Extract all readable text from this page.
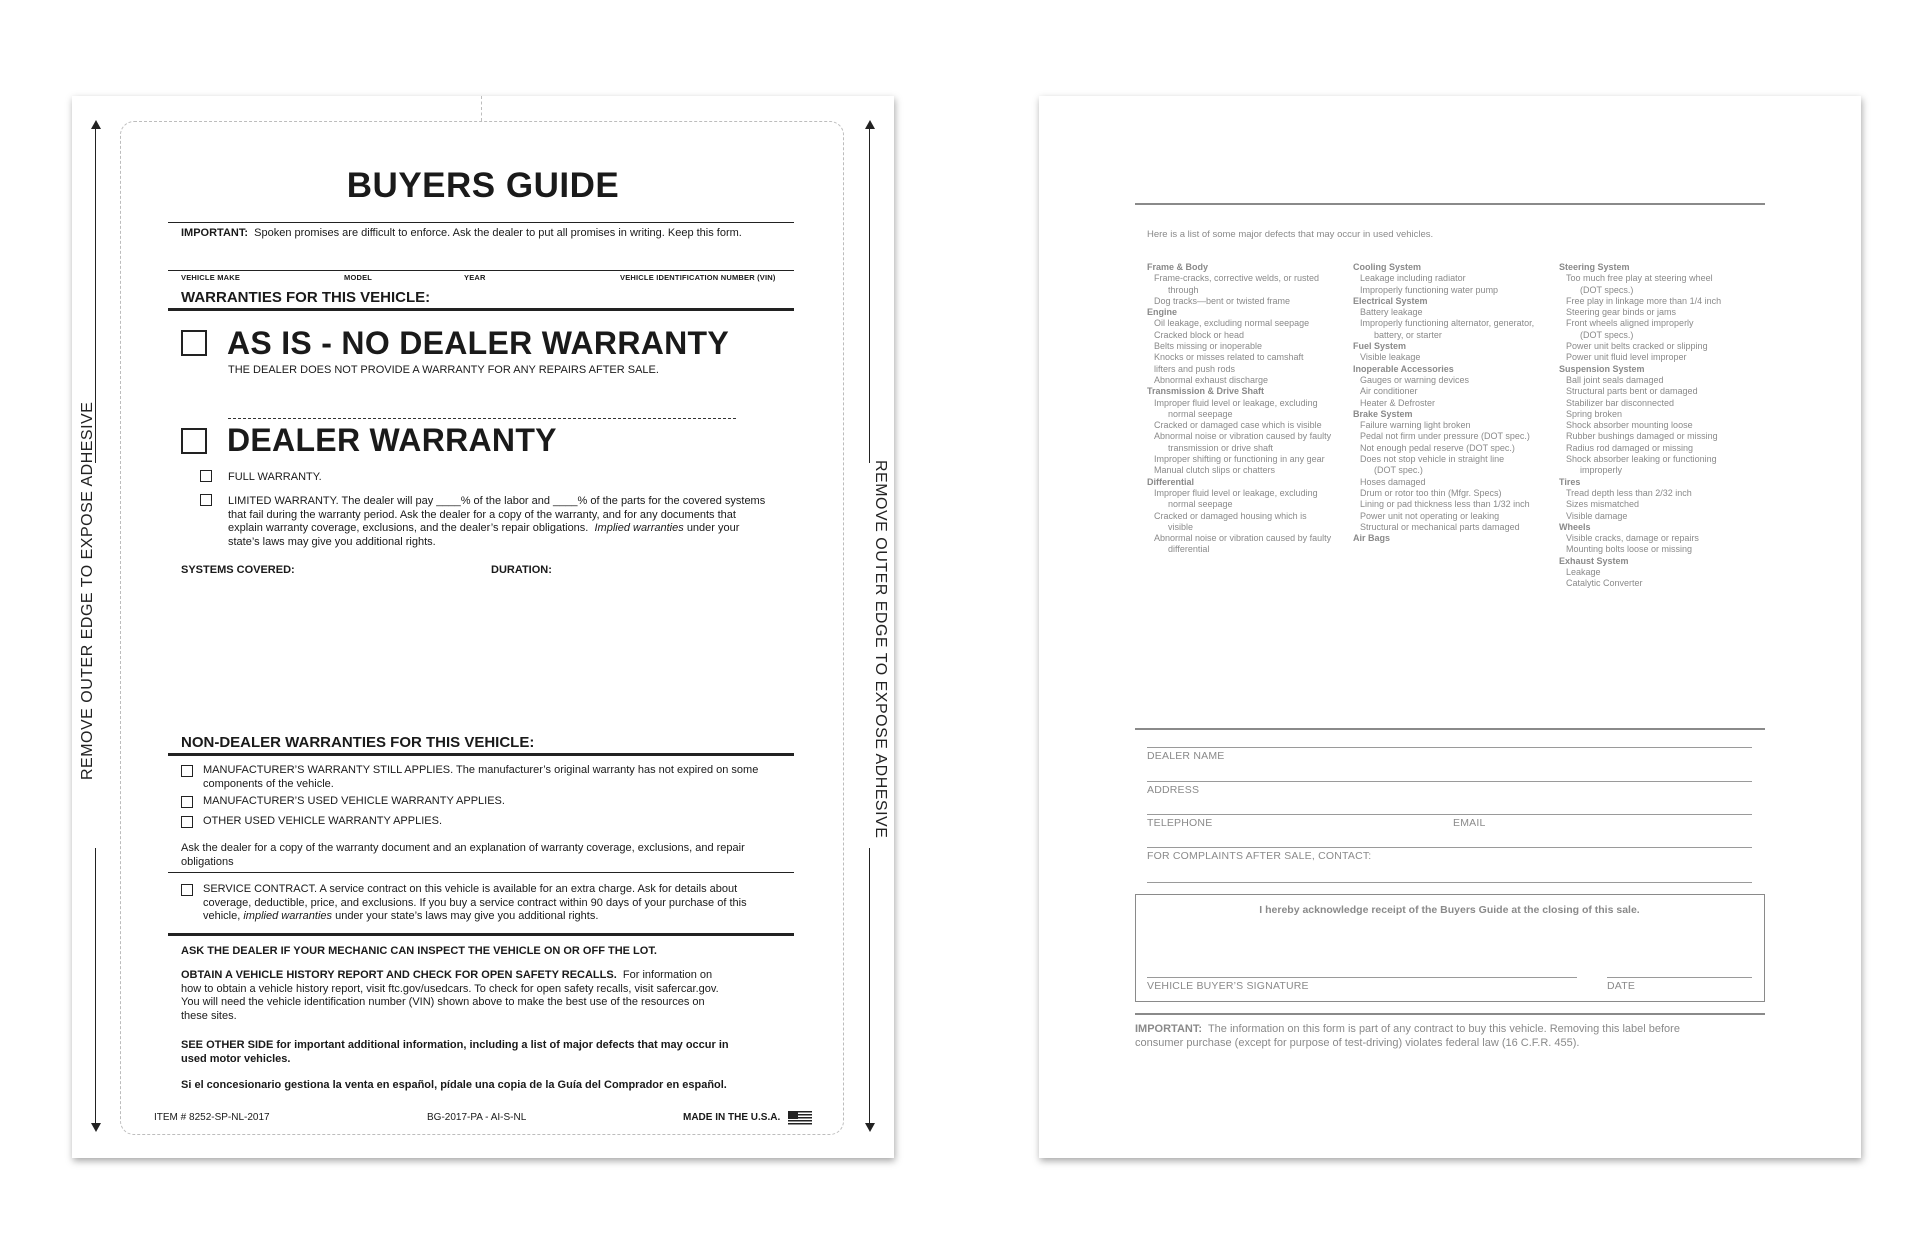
REMOVE OUTER EDGE TO EXPOSE ADHESIVE	REMOVE OUTER EDGE TO EXPOSE ADHESIVE
BUYERS GUIDE
IMPORTANT: Spoken promises are difficult to enforce. Ask the dealer to put all promises in writing. Keep this form.
VEHICLE MAKE	MODEL	YEAR	VEHICLE IDENTIFICATION NUMBER (VIN)
WARRANTIES FOR THIS VEHICLE:
AS IS - NO DEALER WARRANTY
THE DEALER DOES NOT PROVIDE A WARRANTY FOR ANY REPAIRS AFTER SALE.
DEALER WARRANTY
FULL WARRANTY.
LIMITED WARRANTY. The dealer will pay ____% of the labor and ____% of the parts for the covered systems
that fail during the warranty period. Ask the dealer for a copy of the warranty, and for any documents that
explain warranty coverage, exclusions, and the dealer’s repair obligations. Implied warranties under your
state’s laws may give you additional rights.
SYSTEMS COVERED:	DURATION:
NON-DEALER WARRANTIES FOR THIS VEHICLE:
MANUFACTURER’S WARRANTY STILL APPLIES. The manufacturer’s original warranty has not expired on some
components of the vehicle.
MANUFACTURER’S USED VEHICLE WARRANTY APPLIES.
OTHER USED VEHICLE WARRANTY APPLIES.
Ask the dealer for a copy of the warranty document and an explanation of warranty coverage, exclusions, and repair
obligations
SERVICE CONTRACT. A service contract on this vehicle is available for an extra charge. Ask for details about
coverage, deductible, price, and exclusions. If you buy a service contract within 90 days of your purchase of this
vehicle, implied warranties under your state’s laws may give you additional rights.
ASK THE DEALER IF YOUR MECHANIC CAN INSPECT THE VEHICLE ON OR OFF THE LOT.
OBTAIN A VEHICLE HISTORY REPORT AND CHECK FOR OPEN SAFETY RECALLS. For information on
how to obtain a vehicle history report, visit ftc.gov/usedcars. To check for open safety recalls, visit safercar.gov.
You will need the vehicle identification number (VIN) shown above to make the best use of the resources on
these sites.
SEE OTHER SIDE for important additional information, including a list of major defects that may occur in
used motor vehicles.
Si el concesionario gestiona la venta en español, pídale una copia de la Guía del Comprador en español.
ITEM # 8252-SP-NL-2017	BG-2017-PA - AI-S-NL	MADE IN THE U.S.A.
Here is a list of some major defects that may occur in used vehicles.
Frame & Body
Frame-cracks, corrective welds, or rusted
through
Dog tracks—bent or twisted frame
Engine
Oil leakage, excluding normal seepage
Cracked block or head
Belts missing or inoperable
Knocks or misses related to camshaft
lifters and push rods
Abnormal exhaust discharge
Transmission & Drive Shaft
Improper fluid level or leakage, excluding
normal seepage
Cracked or damaged case which is visible
Abnormal noise or vibration caused by faulty
transmission or drive shaft
Improper shifting or functioning in any gear
Manual clutch slips or chatters
Differential
Improper fluid level or leakage, excluding
normal seepage
Cracked or damaged housing which is
visible
Abnormal noise or vibration caused by faulty
differential
Cooling System
Leakage including radiator
Improperly functioning water pump
Electrical System
Battery leakage
Improperly functioning alternator, generator,
battery, or starter
Fuel System
Visible leakage
Inoperable Accessories
Gauges or warning devices
Air conditioner
Heater & Defroster
Brake System
Failure warning light broken
Pedal not firm under pressure (DOT spec.)
Not enough pedal reserve (DOT spec.)
Does not stop vehicle in straight line
(DOT spec.)
Hoses damaged
Drum or rotor too thin (Mfgr. Specs)
Lining or pad thickness less than 1/32 inch
Power unit not operating or leaking
Structural or mechanical parts damaged
Air Bags
Steering System
Too much free play at steering wheel
(DOT specs.)
Free play in linkage more than 1/4 inch
Steering gear binds or jams
Front wheels aligned improperly
(DOT specs.)
Power unit belts cracked or slipping
Power unit fluid level improper
Suspension System
Ball joint seals damaged
Structural parts bent or damaged
Stabilizer bar disconnected
Spring broken
Shock absorber mounting loose
Rubber bushings damaged or missing
Radius rod damaged or missing
Shock absorber leaking or functioning
improperly
Tires
Tread depth less than 2/32 inch
Sizes mismatched
Visible damage
Wheels
Visible cracks, damage or repairs
Mounting bolts loose or missing
Exhaust System
Leakage
Catalytic Converter
DEALER NAME
ADDRESS
TELEPHONE	EMAIL
FOR COMPLAINTS AFTER SALE, CONTACT:
I hereby acknowledge receipt of the Buyers Guide at the closing of this sale.
VEHICLE BUYER’S SIGNATURE	DATE
IMPORTANT: The information on this form is part of any contract to buy this vehicle. Removing this label before
consumer purchase (except for purpose of test-driving) violates federal law (16 C.F.R. 455).
